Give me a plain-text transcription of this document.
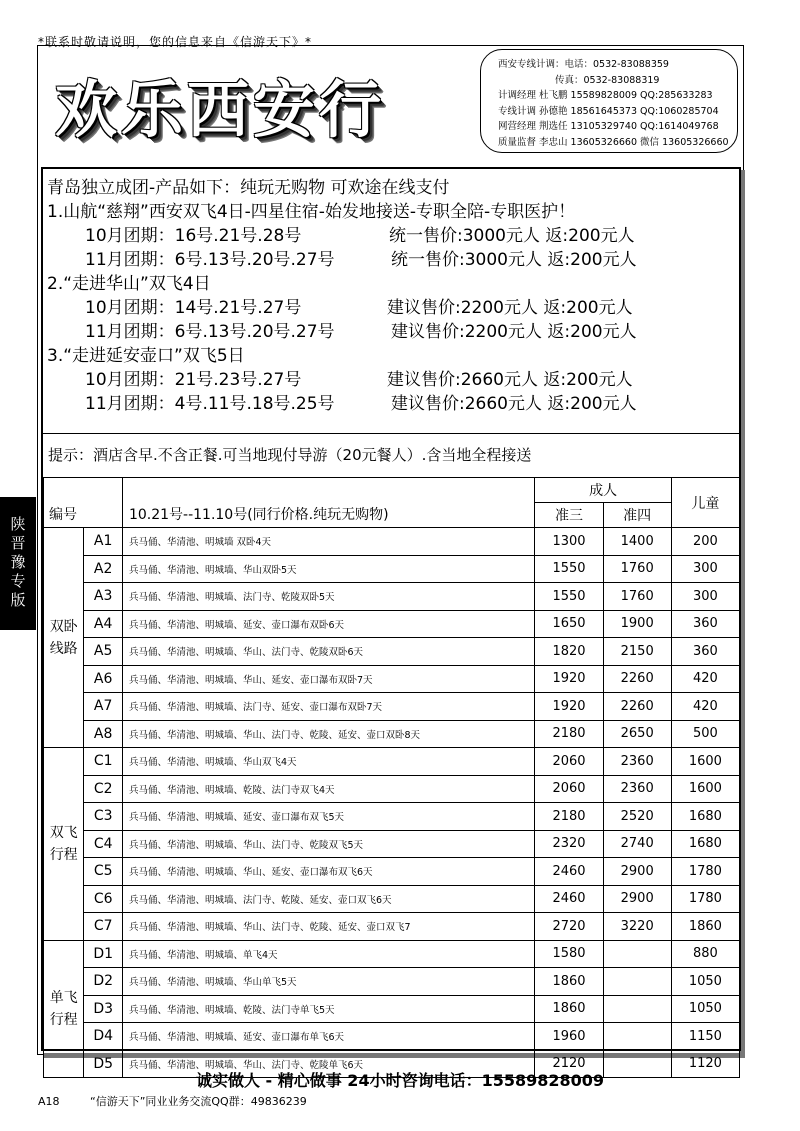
*联系时敬请说明，您的信息来自《信游天下》*
欢乐西安行
西安专线计调：电话：0532-83088359
传真：0532-83088319
计调经理 杜飞鹏 15589828009 QQ:285633283
专线计调 孙德艳 18561645373 QQ:1060285704
网营经理 荆选任 13105329740 QQ:1614049768
质量监督 李忠山 13605326660 微信 13605326660
青岛独立成团-产品如下：纯玩无购物 可欢途在线支付
1.山航“慈翔”西安双飞4日-四星住宿-始发地接送-专职全陪-专职医护！
10月团期：16号.21号.28号	统一售价:3000元人 返:200元人
11月团期：6号.13号.20号.27号	统一售价:3000元人 返:200元人
2.“走进华山”双飞4日
10月团期：14号.21号.27号	建议售价:2200元人 返:200元人
11月团期：6号.13号.20号.27号	建议售价:2200元人 返:200元人
3.“走进延安壶口”双飞5日
10月团期：21号.23号.27号	建议售价:2660元人 返:200元人
11月团期：4号.11号.18号.25号	建议售价:2660元人 返:200元人
提示：酒店含早.不含正餐.可当地现付导游（20元餐人）.含当地全程接送
编号		10.21号--11.10号(同行价格.纯玩无购物)	成人		儿童
			准三	准四	

双卧
线路	A1	兵马俑、华清池、明城墙 双卧4天	1300	1400	200
	A2	兵马俑、华清池、明城墙、华山双卧5天	1550	1760	300
	A3	兵马俑、华清池、明城墙、法门寺、乾陵双卧5天	1550	1760	300
	A4	兵马俑、华清池、明城墙、延安、壶口瀑布双卧6天	1650	1900	360
	A5	兵马俑、华清池、明城墙、华山、法门寺、乾陵双卧6天	1820	2150	360
	A6	兵马俑、华清池、明城墙、华山、延安、壶口瀑布双卧7天	1920	2260	420
	A7	兵马俑、华清池、明城墙、法门寺、延安、壶口瀑布双卧7天	1920	2260	420
	A8	兵马俑、华清池、明城墙、华山、法门寺、乾陵、延安、壶口双卧8天	2180	2650	500

双飞
行程	C1	兵马俑、华清池、明城墙、华山双飞4天	2060	2360	1600
	C2	兵马俑、华清池、明城墙、乾陵、法门寺双飞4天	2060	2360	1600
	C3	兵马俑、华清池、明城墙、延安、壶口瀑布双飞5天	2180	2520	1680
	C4	兵马俑、华清池、明城墙、华山、法门寺、乾陵双飞5天	2320	2740	1680
	C5	兵马俑、华清池、明城墙、华山、延安、壶口瀑布双飞6天	2460	2900	1780
	C6	兵马俑、华清池、明城墙、法门寺、乾陵、延安、壶口双飞6天	2460	2900	1780
	C7	兵马俑、华清池、明城墙、华山、法门寺、乾陵、延安、壶口双飞7	2720	3220	1860

单飞
行程	D1	兵马俑、华清池、明城墙、单飞4天	1580		880
	D2	兵马俑、华清池、明城墙、华山单飞5天	1860		1050
	D3	兵马俑、华清池、明城墙、乾陵、法门寺单飞5天	1860		1050
	D4	兵马俑、华清池、明城墙、延安、壶口瀑布单飞6天	1960		1150
	D5	兵马俑、华清池、明城墙、华山、法门寺、乾陵单飞6天	2120		1120
陕
晋
豫
专
版
诚实做人 - 精心做事 24小时咨询电话：15589828009
A18	“信游天下”同业业务交流QQ群：49836239
